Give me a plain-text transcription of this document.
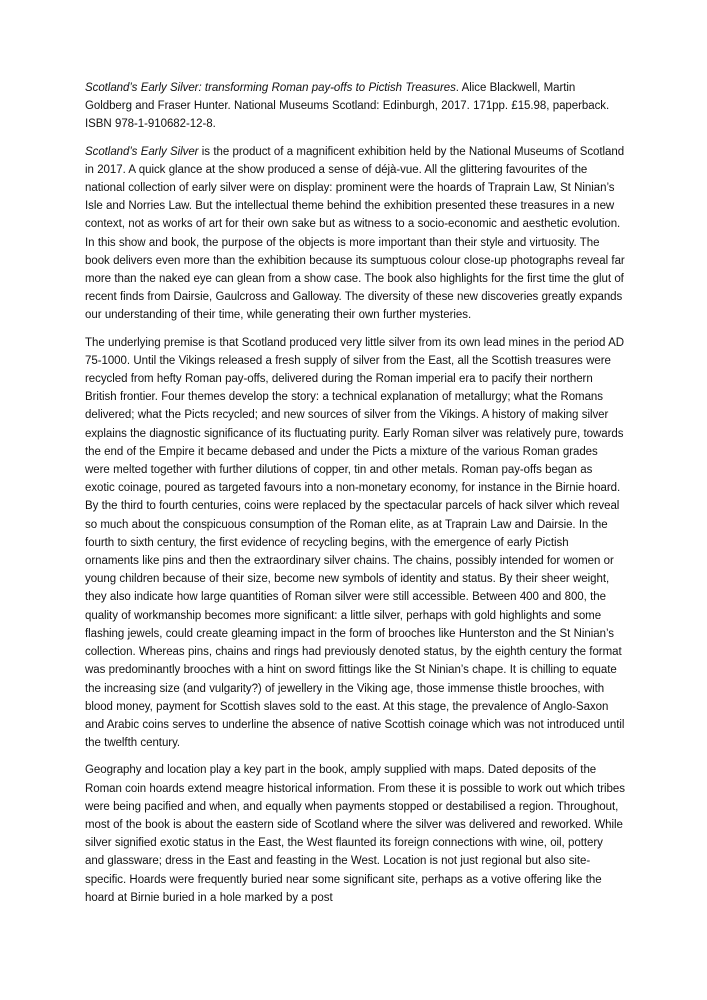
Scotland’s Early Silver: transforming Roman pay-offs to Pictish Treasures. Alice Blackwell, Martin Goldberg and Fraser Hunter. National Museums Scotland: Edinburgh, 2017. 171pp. £15.98, paperback. ISBN 978-1-910682-12-8.

Scotland’s Early Silver is the product of a magnificent exhibition held by the National Museums of Scotland in 2017. A quick glance at the show produced a sense of déjà-vue. All the glittering favourites of the national collection of early silver were on display: prominent were the hoards of Traprain Law, St Ninian’s Isle and Norries Law. But the intellectual theme behind the exhibition presented these treasures in a new context, not as works of art for their own sake but as witness to a socio-economic and aesthetic evolution. In this show and book, the purpose of the objects is more important than their style and virtuosity. The book delivers even more than the exhibition because its sumptuous colour close-up photographs reveal far more than the naked eye can glean from a show case. The book also highlights for the first time the glut of recent finds from Dairsie, Gaulcross and Galloway. The diversity of these new discoveries greatly expands our understanding of their time, while generating their own further mysteries.

The underlying premise is that Scotland produced very little silver from its own lead mines in the period AD 75-1000. Until the Vikings released a fresh supply of silver from the East, all the Scottish treasures were recycled from hefty Roman pay-offs, delivered during the Roman imperial era to pacify their northern British frontier. Four themes develop the story: a technical explanation of metallurgy; what the Romans delivered; what the Picts recycled; and new sources of silver from the Vikings. A history of making silver explains the diagnostic significance of its fluctuating purity. Early Roman silver was relatively pure, towards the end of the Empire it became debased and under the Picts a mixture of the various Roman grades were melted together with further dilutions of copper, tin and other metals. Roman pay-offs began as exotic coinage, poured as targeted favours into a non-monetary economy, for instance in the Birnie hoard. By the third to fourth centuries, coins were replaced by the spectacular parcels of hack silver which reveal so much about the conspicuous consumption of the Roman elite, as at Traprain Law and Dairsie. In the fourth to sixth century, the first evidence of recycling begins, with the emergence of early Pictish ornaments like pins and then the extraordinary silver chains. The chains, possibly intended for women or young children because of their size, become new symbols of identity and status. By their sheer weight, they also indicate how large quantities of Roman silver were still accessible. Between 400 and 800, the quality of workmanship becomes more significant: a little silver, perhaps with gold highlights and some flashing jewels, could create gleaming impact in the form of brooches like Hunterston and the St Ninian’s collection. Whereas pins, chains and rings had previously denoted status, by the eighth century the format was predominantly brooches with a hint on sword fittings like the St Ninian’s chape. It is chilling to equate the increasing size (and vulgarity?) of jewellery in the Viking age, those immense thistle brooches, with blood money, payment for Scottish slaves sold to the east. At this stage, the prevalence of Anglo-Saxon and Arabic coins serves to underline the absence of native Scottish coinage which was not introduced until the twelfth century.

Geography and location play a key part in the book, amply supplied with maps. Dated deposits of the Roman coin hoards extend meagre historical information. From these it is possible to work out which tribes were being pacified and when, and equally when payments stopped or destabilised a region. Throughout, most of the book is about the eastern side of Scotland where the silver was delivered and reworked. While silver signified exotic status in the East, the West flaunted its foreign connections with wine, oil, pottery and glassware; dress in the East and feasting in the West. Location is not just regional but also site-specific. Hoards were frequently buried near some significant site, perhaps as a votive offering like the hoard at Birnie buried in a hole marked by a post
